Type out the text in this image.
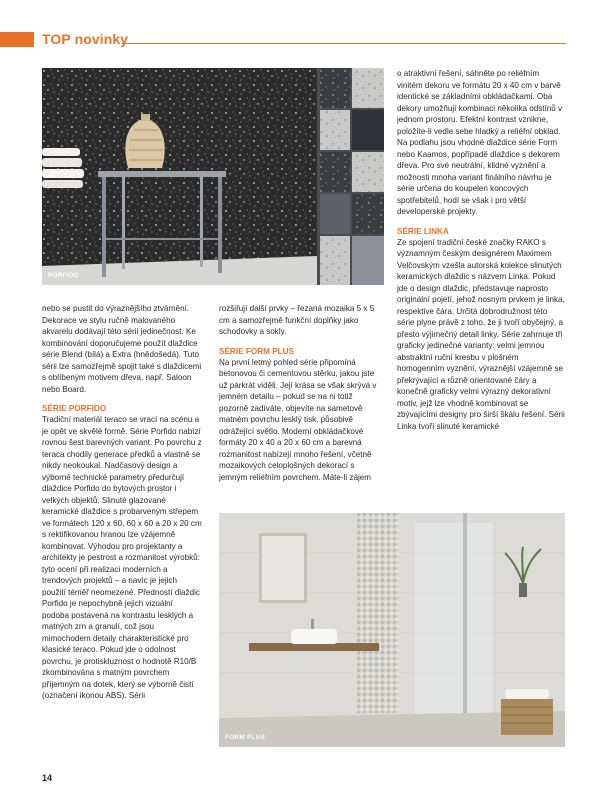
TOP novinky
PORFIDO

nebo se pustit do výraznějšího ztvárnění. Dekorace ve stylu ručně malovaného akvarelu dodávají této sérii jedinečnost. Ke kombinování doporučujeme použít dlaždice série Blend (bílá) a Extra (hnědošedá). Tuto sérii lze samozřejmě spojit také s dlaždicemi s oblíbeným motivem dřeva, např. Saloon nebo Board.

SÉRIE PORFIDO

Tradiční materiál teraco se vrací na scénu a je opět ve skvělé formě. Série Porfido nabízí rovnou šest barevných variant. Po povrchu z teraca chodily generace předků a vlastně se nikdy neokoukal. Nadčasový design a výborné technické parametry předurčují dlaždice Porfido do bytových prostor i velkých objektů. Slinuté glazované keramické dlaždice s probarveným střepem ve formátech 120 x 60, 60 x 60 a 20 x 20 cm s rektifikovanou hranou lze vzájemně kombinovat. Výhodou pro projektanty a architekty je pestrost a rozmanitost výrobků: tyto ocení při realizaci moderních a trendových projektů – a navíc je jejich použití téměř neomezené. Předností dlaždic Porfido je nepochybně jejich vizuální podoba postavená na kontrastu lesklých a matných zrn a granulí, což jsou mimochodem detaily charakteristické pro klasické teraco. Pokud jde o odolnost povrchu, je protiskluznost o hodnotě R10/B zkombinována s matným povrchem příjemným na dotek, který se výborně čistí (označení ikonou ABS). Sérii

rozšiřují další prvky – řezaná mozaika 5 x 5 cm a samozřejmě funkční doplňky jako schodovky a sokly.

SÉRIE FORM PLUS

Na první letmý pohled série připomíná betonovou či cementovou stěrku, jakou jste už párkrát viděli. Její krása se však skrývá v jemném detailu – pokud se na ni totiž pozorně zadíváte, objevíte na sametově matném povrchu lesklý tisk, působivě odrážející světlo. Moderní obkládačkové formáty 20 x 40 a 20 x 60 cm a barevná rozmanitost nabízejí mnoho řešení, včetně mozaikových celoplošných dekorací s jemným reliéfním povrchem. Máte-li zájem

o atraktivní řešení, sáhněte po reliéfním vinitém dekoru ve formátu 20 x 40 cm v barvě identické se základními obkládačkami. Oba dekory umožňují kombinaci několika odstínů v jednom prostoru. Efektní kontrast vznikne, položíte-li vedle sebe hladký a reliéfní obklad. Na podlahu jsou vhodné dlaždice série Form nebo Kaamos, popřípadě dlaždice s dekorem dřeva. Pro své neutrální, klidné vyznění a možnosti mnoha variant finálního návrhu je série určena do koupelen koncových spotřebitelů, hodí se však i pro větší developerské projekty.

SÉRIE LINKA

Ze spojení tradiční české značky RAKO s významným českým designérem Maximem Velčovským vzešla autorská kolekce slinutých keramických dlaždic s názvem Linka. Pokud jde o design dlaždic, představuje naprosto originální pojetí, jehož nosným prvkem je linka, respektive čára. Určitá dobrodružnost této série plyne právě z toho, že ji tvoří obyčejný, a přesto výjimečný detail linky. Série zahrnuje tři graficky jedinečné varianty: velmi jemnou abstraktní ruční kresbu v plošném homogenním vyznění, výraznější vzájemně se překrývající a různě orientované čáry a konečně graficky velmi výrazný dekorativní motiv, jejž lze vhodně kombinovat se zbývajícími designy pro širší škálu řešení. Sérii Linka tvoří slinuté keramické

FORM PLUS
14
